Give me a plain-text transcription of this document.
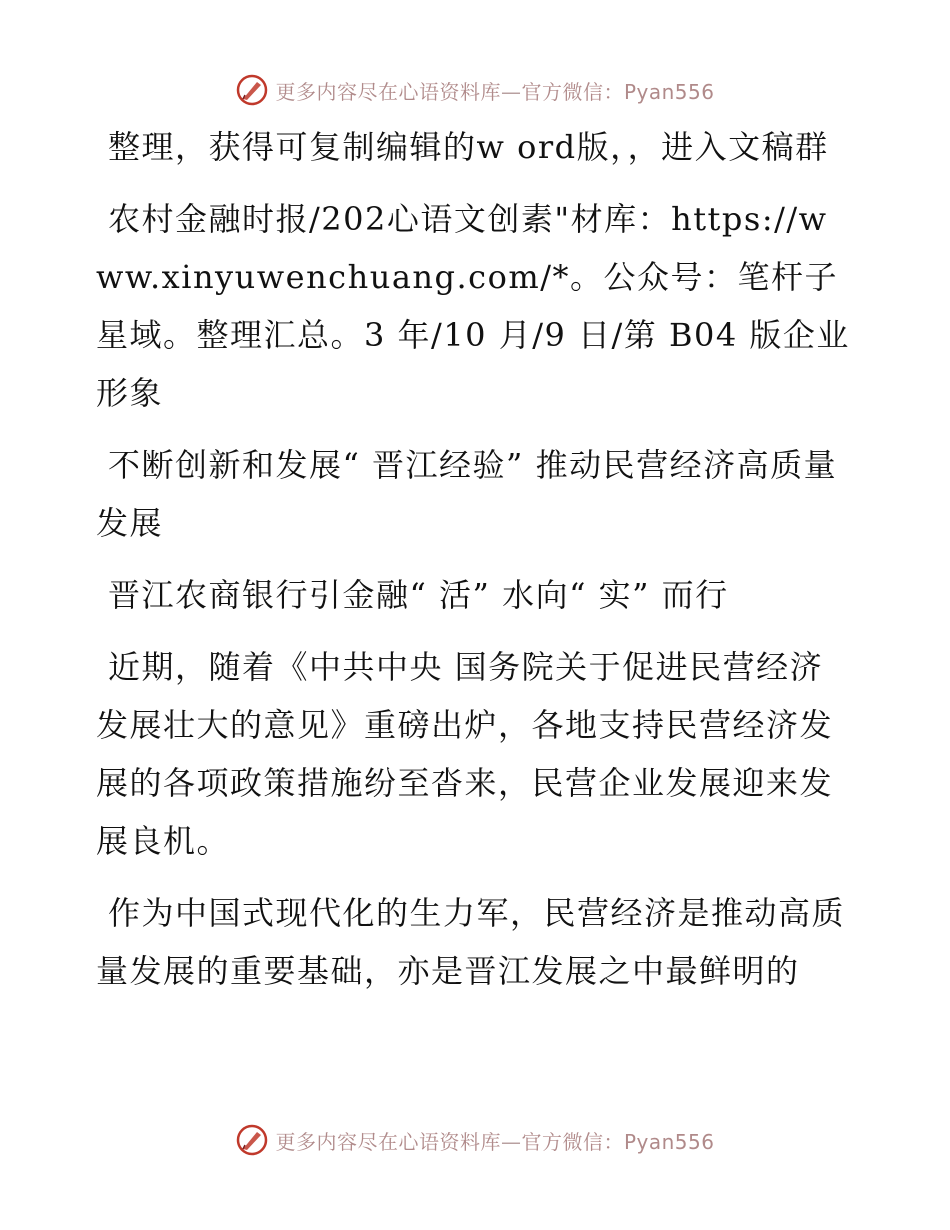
更多内容尽在心语资料库—官方微信：Pyan556

整理，获得可复制编辑的w ord版，，进入文稿群

农村金融时报/202心语文创素"材库：https://www.xinyuwenchuang.com/*。公众号：笔杆子星域。整理汇总。3 年/10 月/9 日/第 B04 版企业形象

不断创新和发展“ 晋江经验” 推动民营经济高质量发展

晋江农商银行引金融“ 活” 水向“ 实” 而行

近期，随着《中共中央 国务院关于促进民营经济发展壮大的意见》重磅出炉，各地支持民营经济发展的各项政策措施纷至沓来，民营企业发展迎来发展良机。

作为中国式现代化的生力军，民营经济是推动高质量发展的重要基础，亦是晋江发展之中最鲜明的

更多内容尽在心语资料库—官方微信：Pyan556
